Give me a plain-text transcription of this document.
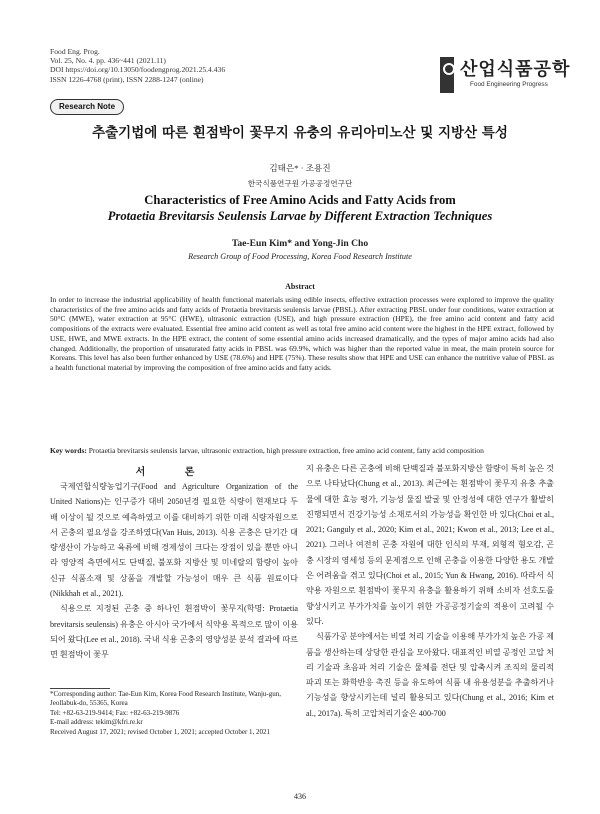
Food Eng. Prog.
Vol. 25, No. 4. pp. 436~441 (2021.11)
DOI https://doi.org/10.13050/foodengprog.2021.25.4.436
ISSN 1226-4768 (print), ISSN 2288-1247 (online)	산업식품공학
Food Engineering Progress
Research Note
추출기법에 따른 흰점박이 꽃무지 유충의 유리아미노산 및 지방산 특성
김태은* · 조용진
한국식품연구원 가공공정연구단
Characteristics of Free Amino Acids and Fatty Acids from
Protaetia Brevitarsis Seulensis Larvae by Different Extraction Techniques
Tae-Eun Kim* and Yong-Jin Cho
Research Group of Food Processing, Korea Food Research Institute
Abstract
In order to increase the industrial applicability of health functional materials using edible insects, effective extraction processes were explored to improve the quality characteristics of the free amino acids and fatty acids of Protaetia brevitarsis seulensis larvae (PBSL). After extracting PBSL under four conditions, water extraction at 50°C (MWE), water extraction at 95°C (HWE), ultrasonic extraction (USE), and high pressure extraction (HPE), the free amino acid content and fatty acid compositions of the extracts were evaluated. Essential free amino acid content as well as total free amino acid content were the highest in the HPE extract, followed by USE, HWE, and MWE extracts. In the HPE extract, the content of some essential amino acids increased dramatically, and the types of major amino acids had also changed. Additionally, the proportion of unsaturated fatty acids in PBSL was 69.9%, which was higher than the reported value in meat, the main protein source for Koreans. This level has also been further enhanced by USE (78.6%) and HPE (75%). These results show that HPE and USE can enhance the nutritive value of PBSL as a health functional material by improving the composition of free amino acids and fatty acids.
Key words: Protaetia brevitarsis seulensis larvae, ultrasonic extraction, high pressure extraction, free amino acid content, fatty acid composition
서 론

국제연합식량농업기구(Food and Agriculture Organization of the United Nations)는 인구증가 대비 2050년경 필요한 식량이 현재보다 두 배 이상이 될 것으로 예측하였고 이를 대비하기 위한 미래 식량자원으로서 곤충의 필요성을 강조하였다(Van Huis, 2013). 식용 곤충은 단기간 대량생산이 가능하고 육류에 비해 경제성이 크다는 장점이 있을 뿐만 아니라 영양적 측면에서도 단백질, 불포화 지방산 및 미네랄의 함량이 높아 신규 식품소재 및 상품을 개발할 가능성이 매우 큰 식품 원료이다(Nikkhah et al., 2021).

식용으로 지정된 곤충 중 하나인 흰점박이 꽃무지(학명: Protaetia brevitarsis seulensis) 유충은 아시아 국가에서 식약용 목적으로 많이 이용되어 왔다(Lee et al., 2018). 국내 식용 곤충의 영양성분 분석 결과에 따르면 흰점박이 꽃무

지 유충은 다른 곤충에 비해 단백질과 불포화지방산 함량이 특히 높은 것으로 나타났다(Chung et al., 2013). 최근에는 흰점박이 꽃무지 유충 추출물에 대한 효능 평가, 기능성 물질 발굴 및 안정성에 대한 연구가 활발히 진행되면서 건강기능성 소재로서의 가능성을 확인한 바 있다(Choi et al., 2021; Ganguly et al., 2020; Kim et al., 2021; Kwon et al., 2013; Lee et al., 2021). 그러나 여전히 곤충 자원에 대한 인식의 부재, 외형적 혐오감, 곤충 시장의 영세성 등의 문제점으로 인해 곤충을 이용한 다양한 용도 개발은 어려움을 겪고 있다(Choi et al., 2015; Yun & Hwang, 2016). 따라서 식약용 자원으로 흰점박이 꽃무지 유충을 활용하기 위해 소비자 선호도를 향상시키고 부가가치를 높이기 위한 가공공정기술의 적용이 고려될 수 있다.

식품가공 분야에서는 비열 처리 기술을 이용해 부가가치 높은 가공 제품을 생산하는데 상당한 관심을 모아왔다. 대표적인 비열 공정인 고압 처리 기술과 초음파 처리 기술은 물체를 전단 및 압축시켜 조직의 물리적 파괴 또는 화학반응 촉진 등을 유도하여 식품 내 유용성분을 추출하거나 기능성을 향상시키는데 널리 활용되고 있다(Chung et al., 2016; Kim et al., 2017a). 특히 고압처리기술은 400-700

*Corresponding author: Tae-Eun Kim, Korea Food Research Institute, Wanju-gun, Jeollabuk-do, 55365, Korea
Tel: +82-63-219-9414; Fax: +82-63-219-9876
E-mail address: tekim@kfri.re.kr
Received August 17, 2021; revised October 1, 2021; accepted October 1, 2021
436
